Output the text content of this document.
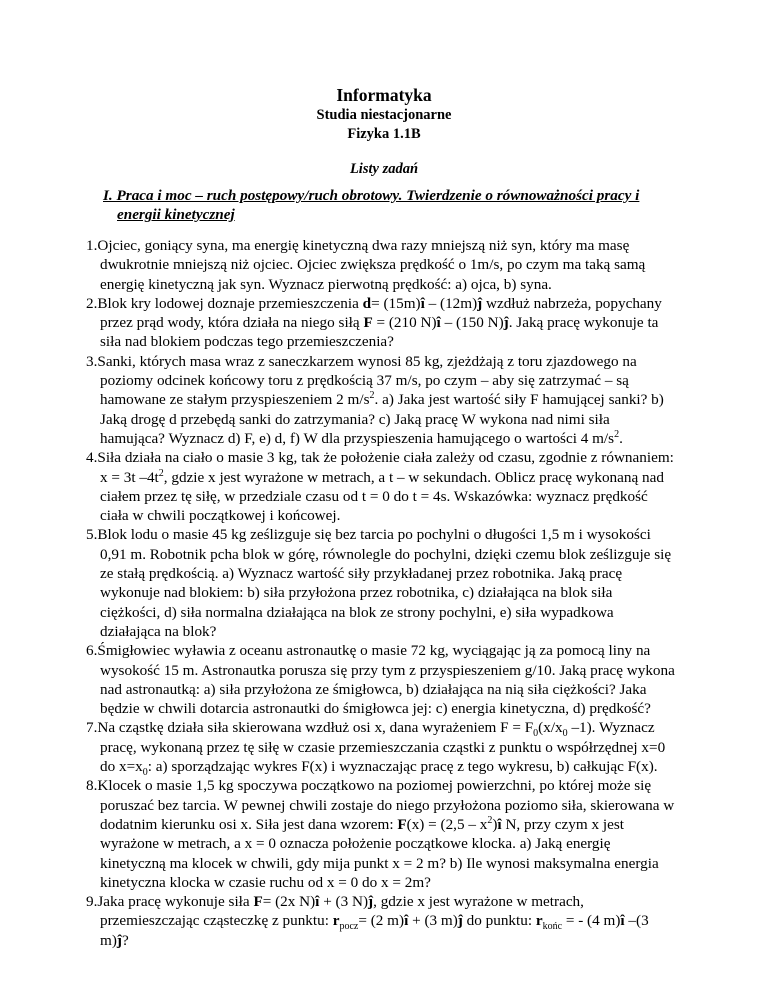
Informatyka
Studia niestacjonarne
Fizyka 1.1B
Listy zadań
I. Praca i moc – ruch postępowy/ruch obrotowy. Twierdzenie o równoważności pracy i energii kinetycznej

1.Ojciec, goniący syna, ma energię kinetyczną dwa razy mniejszą niż syn, który ma masę dwukrotnie mniejszą niż ojciec. Ojciec zwiększa prędkość o 1m/s, po czym ma taką samą energię kinetyczną jak syn. Wyznacz pierwotną prędkość: a) ojca, b) syna.

2.Blok kry lodowej doznaje przemieszczenia d= (15m)î – (12m)ĵ wzdłuż nabrzeża, popychany przez prąd wody, która działa na niego siłą F = (210 N)î – (150 N)ĵ. Jaką pracę wykonuje ta siła nad blokiem podczas tego przemieszczenia?

3.Sanki, których masa wraz z saneczkarzem wynosi 85 kg, zjeżdżają z toru zjazdowego na poziomy odcinek końcowy toru z prędkością 37 m/s, po czym – aby się zatrzymać – są hamowane ze stałym przyspieszeniem 2 $m/s^2$. a) Jaka jest wartość siły F hamującej sanki? b) Jaką drogę d przebędą sanki do zatrzymania? c) Jaką pracę W wykona nad nimi siła hamująca? Wyznacz d) F, e) d, f) W dla przyspieszenia hamującego o wartości 4 $m/s^2$.

4.Siła działa na ciało o masie 3 kg, tak że położenie ciała zależy od czasu, zgodnie z równaniem: x = 3t $-4t^2$, gdzie x jest wyrażone w metrach, a t – w sekundach. Oblicz pracę wykonaną nad ciałem przez tę siłę, w przedziale czasu od t = 0 do t = 4s. Wskazówka: wyznacz prędkość ciała w chwili początkowej i końcowej.

5.Blok lodu o masie 45 kg ześlizguje się bez tarcia po pochylni o długości 1,5 m i wysokości 0,91 m. Robotnik pcha blok w górę, równolegle do pochylni, dzięki czemu blok ześlizguje się ze stałą prędkością. a) Wyznacz wartość siły przykładanej przez robotnika. Jaką pracę wykonuje nad blokiem: b) siła przyłożona przez robotnika, c) działająca na blok siła ciężkości, d) siła normalna działająca na blok ze strony pochylni, e) siła wypadkowa działająca na blok?

6.Śmigłowiec wyławia z oceanu astronautkę o masie 72 kg, wyciągając ją za pomocą liny na wysokość 15 m. Astronautka porusza się przy tym z przyspieszeniem g/10. Jaką pracę wykona nad astronautką: a) siła przyłożona ze śmigłowca, b) działająca na nią siła ciężkości? Jaka będzie w chwili dotarcia astronautki do śmigłowca jej: c) energia kinetyczna, d) prędkość?

7.Na cząstkę działa siła skierowana wzdłuż osi x, dana wyrażeniem $F = F_0(x/x_0$ –1). Wyznacz pracę, wykonaną przez tę siłę w czasie przemieszczania cząstki z punktu o współrzędnej x=0 do $x=x_0$: a) sporządzając wykres F(x) i wyznaczając pracę z tego wykresu, b) całkując F(x).

8.Klocek o masie 1,5 kg spoczywa początkowo na poziomej powierzchni, po której może się poruszać bez tarcia. W pewnej chwili zostaje do niego przyłożona poziomo siła, skierowana w dodatnim kierunku osi x. Siła jest dana wzorem: $F(x) = (2,5 - x^2)î$ N, przy czym x jest wyrażone w metrach, a x = 0 oznacza położenie początkowe klocka. a) Jaką energię kinetyczną ma klocek w chwili, gdy mija punkt x = 2 m? b) Ile wynosi maksymalna energia kinetyczna klocka w czasie ruchu od x = 0 do x = 2m?

9.Jaka pracę wykonuje siła F= (2x N)î + (3 N)ĵ, gdzie x jest wyrażone w metrach, przemieszczając cząsteczkę z punktu: $r_{pocz}= (2$ m)î + (3 m)ĵ do punktu: $r_{końc}$ = - (4 m)î –(3 m)ĵ?
